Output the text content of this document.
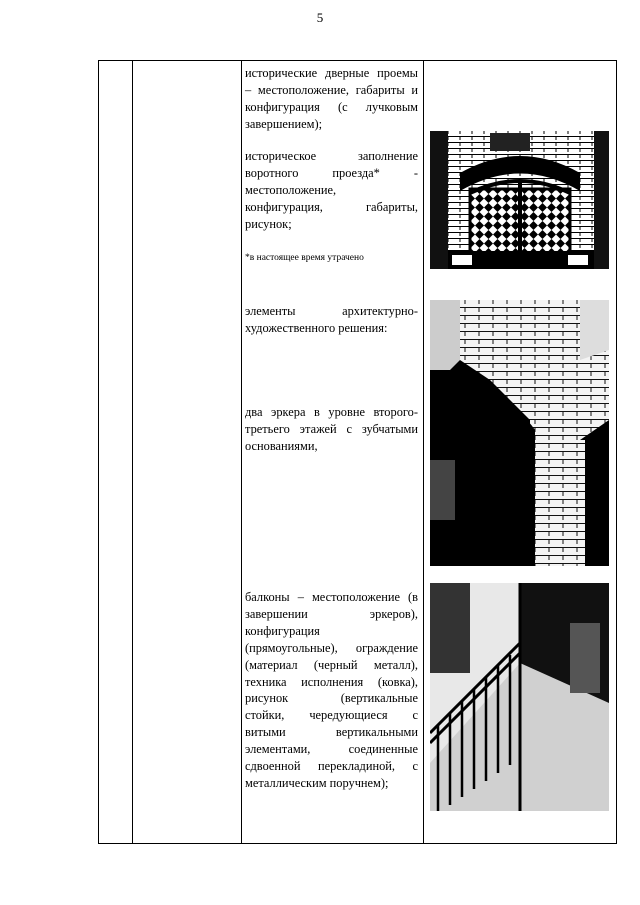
5
исторические дверные проемы
– местоположение, габариты и
конфигурация (с лучковым
завершением);
историческое заполнение
воротного проезда* -
местоположение,
конфигурация, габариты,
рисунок;
*в настоящее время утрачено
элементы архитектурно-
художественного решения:
два эркера в уровне второго-
третьего этажей с зубчатыми
основаниями,
балконы – местоположение (в
завершении эркеров),
конфигурация
(прямоугольные), ограждение
(материал (черный металл),
техника исполнения (ковка),
рисунок (вертикальные
стойки, чередующиеся с
витыми вертикальными
элементами, соединенные
сдвоенной перекладиной, с
металлическим поручнем);
